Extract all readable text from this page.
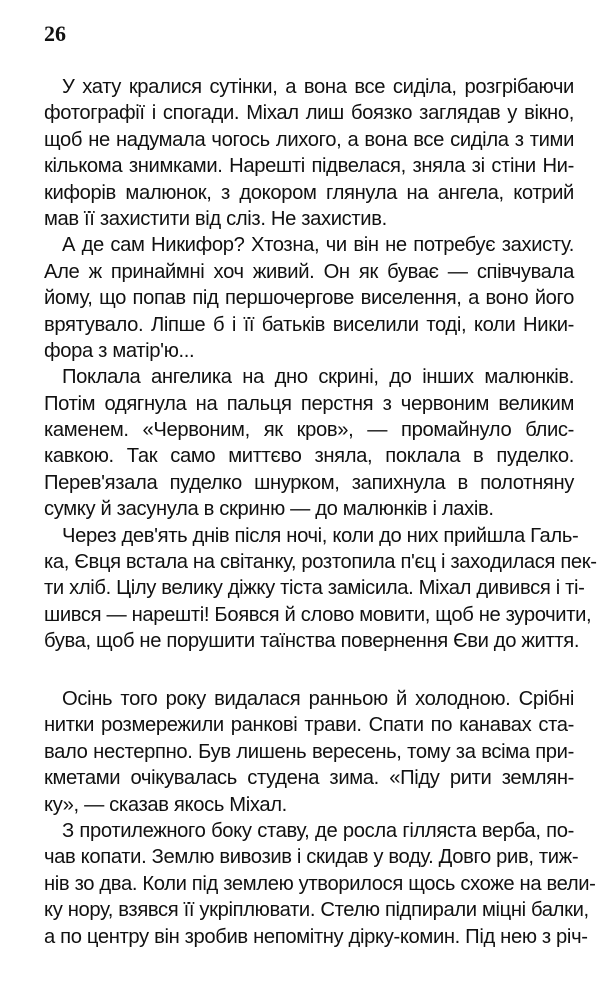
26
У хату кралися сутінки, а вона все сиділа, розгрібаючи
фотографії і спогади. Міхал лиш боязко заглядав у вікно,
щоб не надумала чогось лихого, а вона все сиділа з тими
кількома знимками. Нарешті підвелася, зняла зі стіни Ни-
кифорів малюнок, з докором глянула на ангела, котрий
мав її захистити від сліз. Не захистив.
А де сам Никифор? Хтозна, чи він не потребує захисту.
Але ж принаймні хоч живий. Он як буває — співчувала
йому, що попав під першочергове виселення, а воно його
врятувало. Ліпше б і її батьків виселили тоді, коли Ники-
фора з матір'ю...
Поклала ангелика на дно скрині, до інших малюнків.
Потім одягнула на пальця перстня з червоним великим
каменем. «Червоним, як кров», — промайнуло блис-
кавкою. Так само миттєво зняла, поклала в пуделко.
Перев'язала пуделко шнурком, запихнула в полотняну
сумку й засунула в скриню — до малюнків і лахів.
Через дев'ять днів після ночі, коли до них прийшла Галь-
ка, Євця встала на світанку, розтопила п'єц і заходилася пек-
ти хліб. Цілу велику діжку тіста замісила. Міхал дивився і ті-
шився — нарешті! Боявся й слово мовити, щоб не зурочити,
бува, щоб не порушити таїнства повернення Єви до життя.
Осінь того року видалася ранньою й холодною. Срібні
нитки розмережили ранкові трави. Спати по канавах ста-
вало нестерпно. Був лишень вересень, тому за всіма при-
кметами очікувалась студена зима. «Піду рити землян-
ку», — сказав якось Міхал.
З протилежного боку ставу, де росла гілляста верба, по-
чав копати. Землю вивозив і скидав у воду. Довго рив, тиж-
нів зо два. Коли під землею утворилося щось схоже на вели-
ку нору, взявся її укріплювати. Стелю підпирали міцні балки,
а по центру він зробив непомітну дірку-комин. Під нею з річ-
